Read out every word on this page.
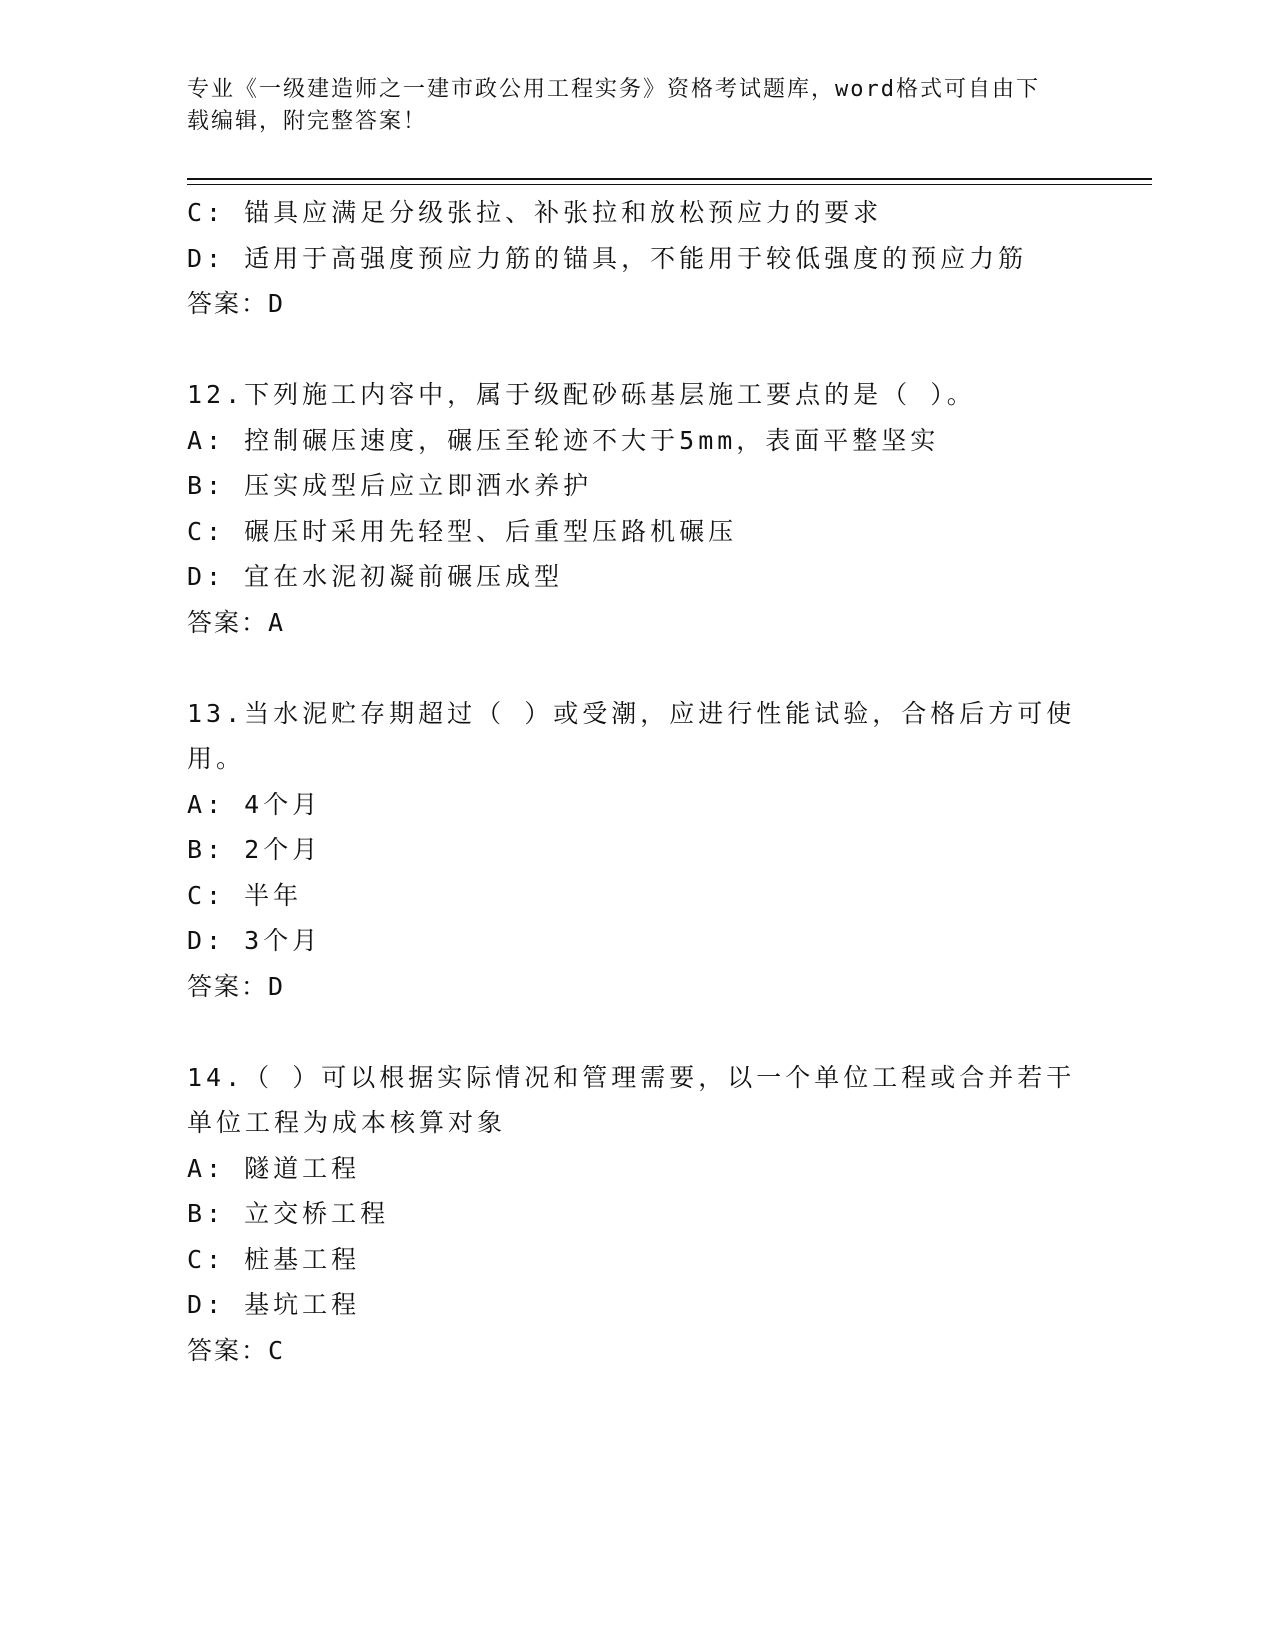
专业《一级建造师之一建市政公用工程实务》资格考试题库，word格式可自由下
载编辑，附完整答案！
C: 锚具应满足分级张拉、补张拉和放松预应力的要求
D: 适用于高强度预应力筋的锚具，不能用于较低强度的预应力筋
答案：D
12.下列施工内容中，属于级配砂砾基层施工要点的是（ ）。
A: 控制碾压速度，碾压至轮迹不大于5mm，表面平整坚实
B: 压实成型后应立即洒水养护
C: 碾压时采用先轻型、后重型压路机碾压
D: 宜在水泥初凝前碾压成型
答案：A
13.当水泥贮存期超过（ ）或受潮，应进行性能试验，合格后方可使
用。
A: 4个月
B: 2个月
C: 半年
D: 3个月
答案：D
14.（ ）可以根据实际情况和管理需要，以一个单位工程或合并若干
单位工程为成本核算对象
A: 隧道工程
B: 立交桥工程
C: 桩基工程
D: 基坑工程
答案：C
